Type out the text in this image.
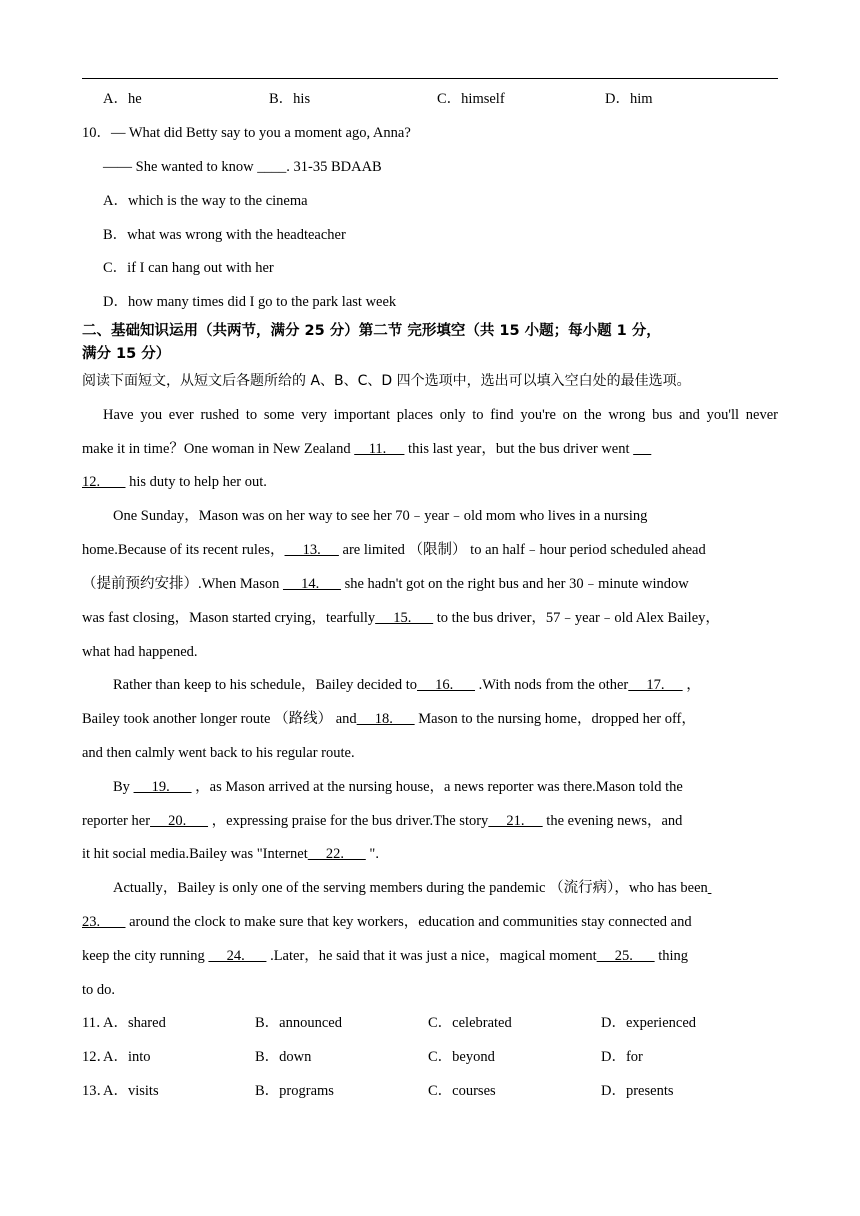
A．he	B．his	C．himself	D．him
10．— What did Betty say to you a moment ago, Anna?
—— She wanted to know ____. 31-35 BDAAB
A．which is the way to the cinema
B．what was wrong with the headteacher
C．if I can hang out with her
D．how many times did I go to the park last week
二、基础知识运用（共两节，满分 25 分）第二节 完形填空（共 15 小题；每小题 1 分，
满分 15 分）
阅读下面短文，从短文后各题所给的 A、B、C、D 四个选项中，选出可以填入空白处的最佳选项。
Have you ever rushed to some very important places only to find you're on the wrong bus and you'll never
make it in time？One woman in New Zealand     11.      this last year，but the bus driver went
12.        his duty to help her out.
One Sunday，Mason was on her way to see her 70﹣year﹣old mom who lives in a nursing
home.Because of its recent rules，     13.      are limited （限制） to an half﹣hour period scheduled ahead
（提前预约安排）.When Mason      14.       she hadn't got on the right bus and her 30﹣minute window
was fast closing，Mason started crying，tearfully     15.       to the bus driver，57﹣year﹣old Alex Bailey，
what had happened.
Rather than keep to his schedule，Bailey decided to     16.       .With nods from the other     17.      ，
Bailey took another longer route （路线） and     18.       Mason to the nursing home，dropped her off，
and then calmly went back to his regular route.
By      19.       ，as Mason arrived at the nursing house，a news reporter was there.Mason told the
reporter her     20.       ，expressing praise for the bus driver.The story     21.      the evening news，and
it hit social media.Bailey was "Internet     22.       ".
Actually，Bailey is only one of the serving members during the pandemic （流行病），who has been
23.        around the clock to make sure that key workers，education and communities stay connected and
keep the city running      24.       .Later，he said that it was just a nice，magical moment     25.       thing
to do.
11．
A．shared	B．announced	C．celebrated	D．experienced
12．
A．into	B．down	C．beyond	D．for
13．
A．visits	B．programs	C．courses	D．presents
